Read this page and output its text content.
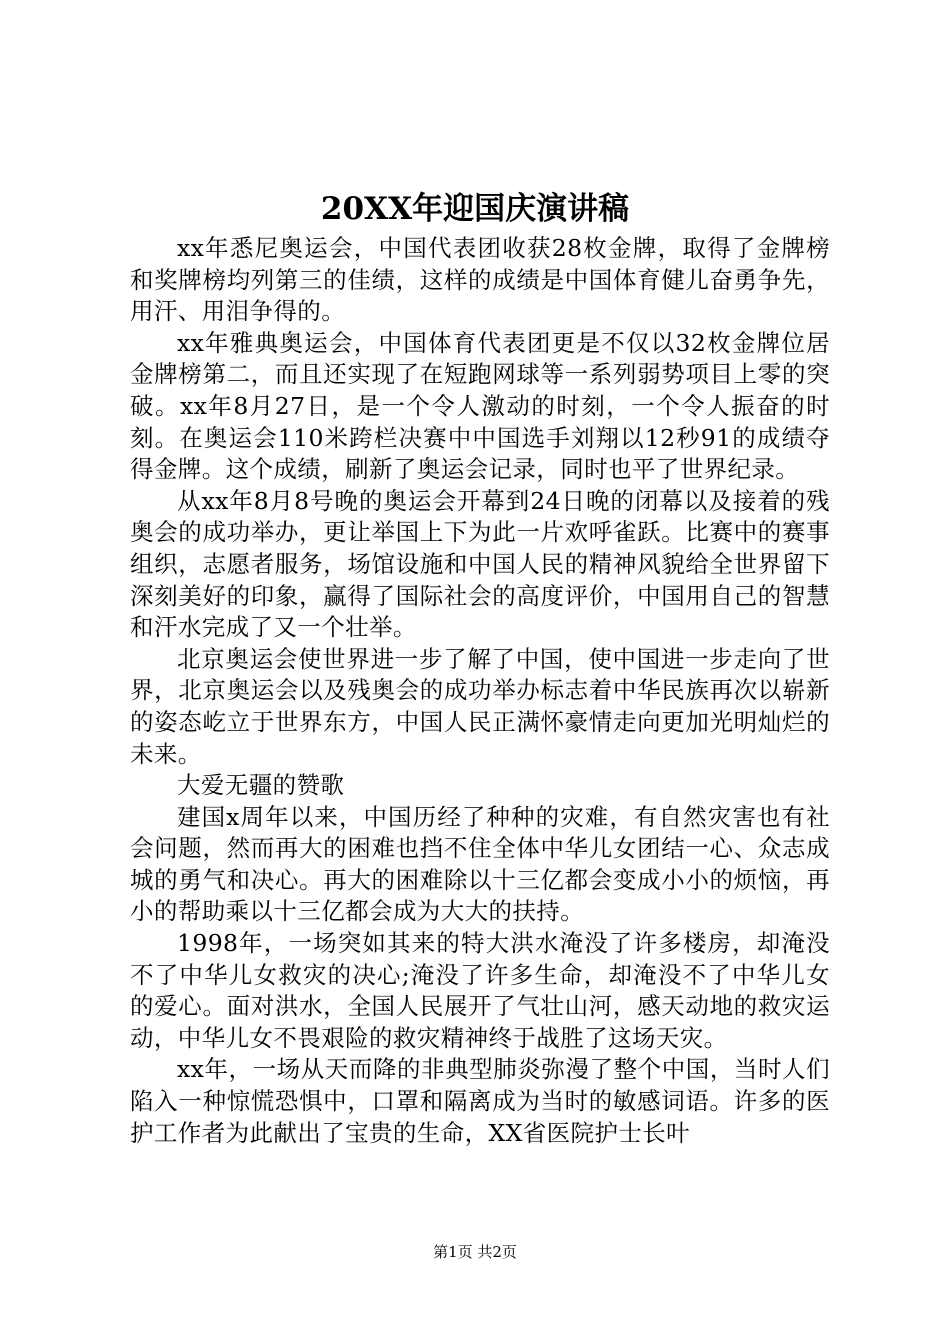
20XX年迎国庆演讲稿

xx年悉尼奥运会，中国代表团收获28枚金牌，取得了金牌榜和奖牌榜均列第三的佳绩，这样的成绩是中国体育健儿奋勇争先，用汗、用泪争得的。

xx年雅典奥运会，中国体育代表团更是不仅以32枚金牌位居金牌榜第二，而且还实现了在短跑网球等一系列弱势项目上零的突破。xx年8月27日，是一个令人激动的时刻，一个令人振奋的时刻。在奥运会110米跨栏决赛中中国选手刘翔以12秒91的成绩夺得金牌。这个成绩，刷新了奥运会记录，同时也平了世界纪录。

从xx年8月8号晚的奥运会开幕到24日晚的闭幕以及接着的残奥会的成功举办，更让举国上下为此一片欢呼雀跃。比赛中的赛事组织，志愿者服务，场馆设施和中国人民的精神风貌给全世界留下深刻美好的印象，赢得了国际社会的高度评价，中国用自己的智慧和汗水完成了又一个壮举。

北京奥运会使世界进一步了解了中国，使中国进一步走向了世界，北京奥运会以及残奥会的成功举办标志着中华民族再次以崭新的姿态屹立于世界东方，中国人民正满怀豪情走向更加光明灿烂的未来。

大爱无疆的赞歌

建国x周年以来，中国历经了种种的灾难，有自然灾害也有社会问题，然而再大的困难也挡不住全体中华儿女团结一心、众志成城的勇气和决心。再大的困难除以十三亿都会变成小小的烦恼，再小的帮助乘以十三亿都会成为大大的扶持。

1998年，一场突如其来的特大洪水淹没了许多楼房，却淹没不了中华儿女救灾的决心;淹没了许多生命，却淹没不了中华儿女的爱心。面对洪水，全国人民展开了气壮山河，感天动地的救灾运动，中华儿女不畏艰险的救灾精神终于战胜了这场天灾。

xx年，一场从天而降的非典型肺炎弥漫了整个中国，当时人们陷入一种惊慌恐惧中，口罩和隔离成为当时的敏感词语。许多的医护工作者为此献出了宝贵的生命，XX省医院护士长叶

第1页 共2页
